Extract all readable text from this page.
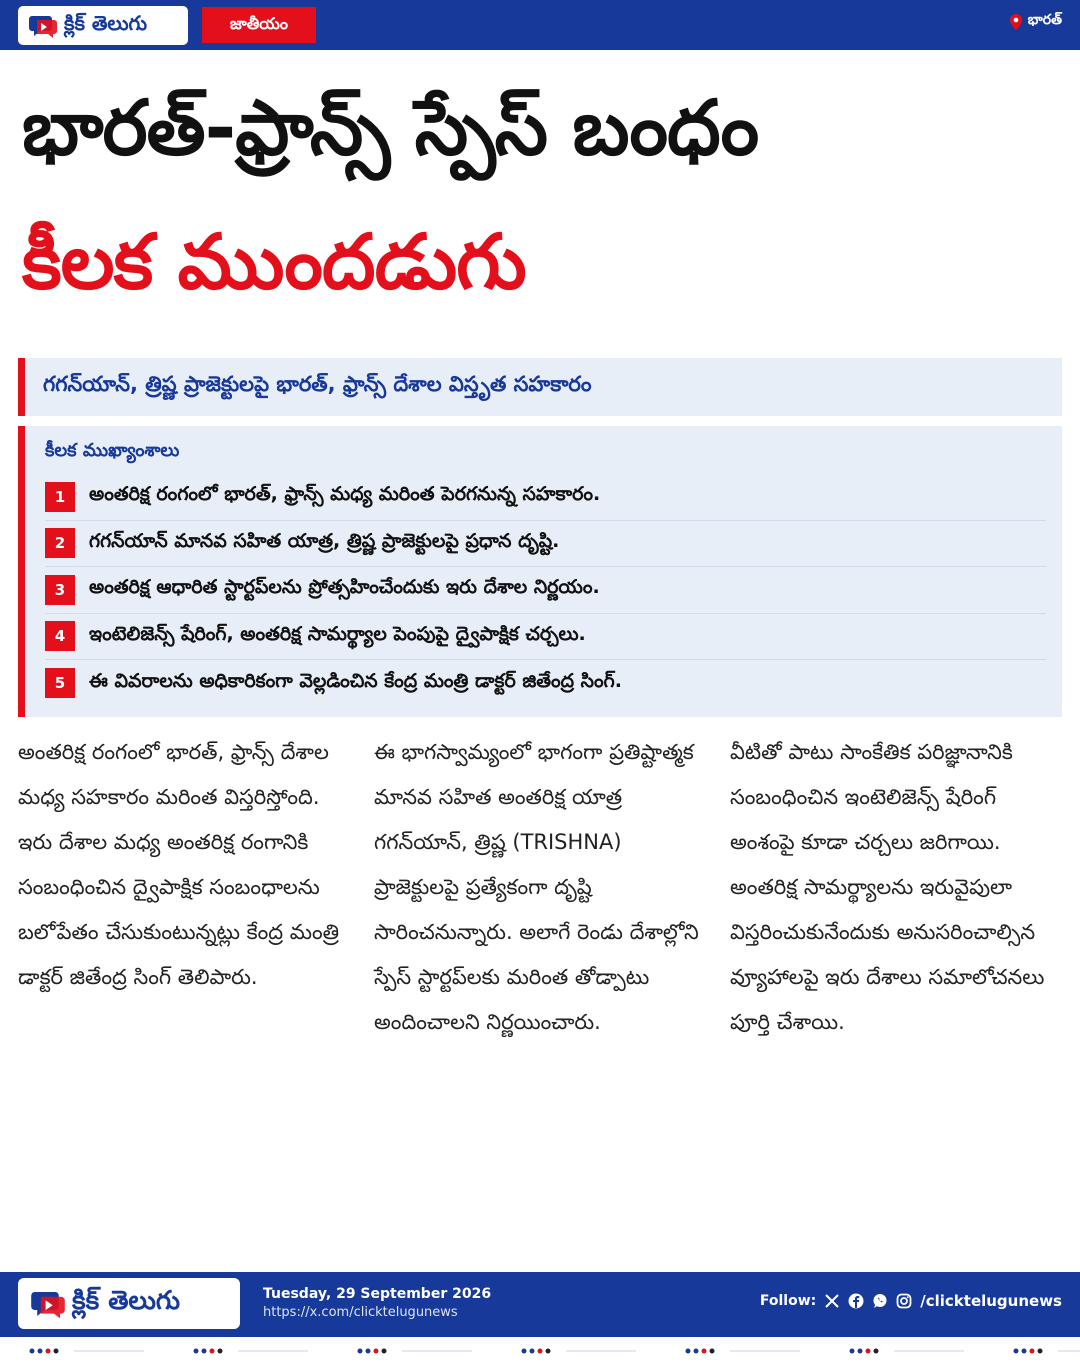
క్లిక్ తెలుగు	జాతీయం	భారత్
భారత్-ఫ్రాన్స్ స్పేస్ బంధం
కీలక ముందడుగు
గగన్‌యాన్, త్రిష్ణ ప్రాజెక్టులపై భారత్, ఫ్రాన్స్ దేశాల విస్తృత సహకారం
కీలక ముఖ్యాంశాలు
1	అంతరిక్ష రంగంలో భారత్, ఫ్రాన్స్ మధ్య మరింత పెరగనున్న సహకారం.
2	గగన్‌యాన్ మానవ సహిత యాత్ర, త్రిష్ణ ప్రాజెక్టులపై ప్రధాన దృష్టి.
3	అంతరిక్ష ఆధారిత స్టార్టప్‌లను ప్రోత్సహించేందుకు ఇరు దేశాల నిర్ణయం.
4	ఇంటెలిజెన్స్ షేరింగ్, అంతరిక్ష సామర్థ్యాల పెంపుపై ద్వైపాక్షిక చర్చలు.
5	ఈ వివరాలను అధికారికంగా వెల్లడించిన కేంద్ర మంత్రి డాక్టర్ జితేంద్ర సింగ్.

అంతరిక్ష రంగంలో భారత్, ఫ్రాన్స్ దేశాల మధ్య సహకారం మరింత విస్తరిస్తోంది. ఇరు దేశాల మధ్య అంతరిక్ష రంగానికి సంబంధించిన ద్వైపాక్షిక సంబంధాలను బలోపేతం చేసుకుంటున్నట్లు కేంద్ర మంత్రి డాక్టర్ జితేంద్ర సింగ్ తెలిపారు.

ఈ భాగస్వామ్యంలో భాగంగా ప్రతిష్టాత్మక మానవ సహిత అంతరిక్ష యాత్ర గగన్‌యాన్, త్రిష్ణ (TRISHNA) ప్రాజెక్టులపై ప్రత్యేకంగా దృష్టి సారించనున్నారు. అలాగే రెండు దేశాల్లోని స్పేస్ స్టార్టప్‌లకు మరింత తోడ్పాటు అందించాలని నిర్ణయించారు.

వీటితో పాటు సాంకేతిక పరిజ్ఞానానికి సంబంధించిన ఇంటెలిజెన్స్ షేరింగ్ అంశంపై కూడా చర్చలు జరిగాయి. అంతరిక్ష సామర్థ్యాలను ఇరువైపులా విస్తరించుకునేందుకు అనుసరించాల్సిన వ్యూహాలపై ఇరు దేశాలు సమాలోచనలు పూర్తి చేశాయి.

క్లిక్ తెలుగు	Tuesday, 29 September 2026
https://x.com/clicktelugunews
Follow:	/clicktelugunews
